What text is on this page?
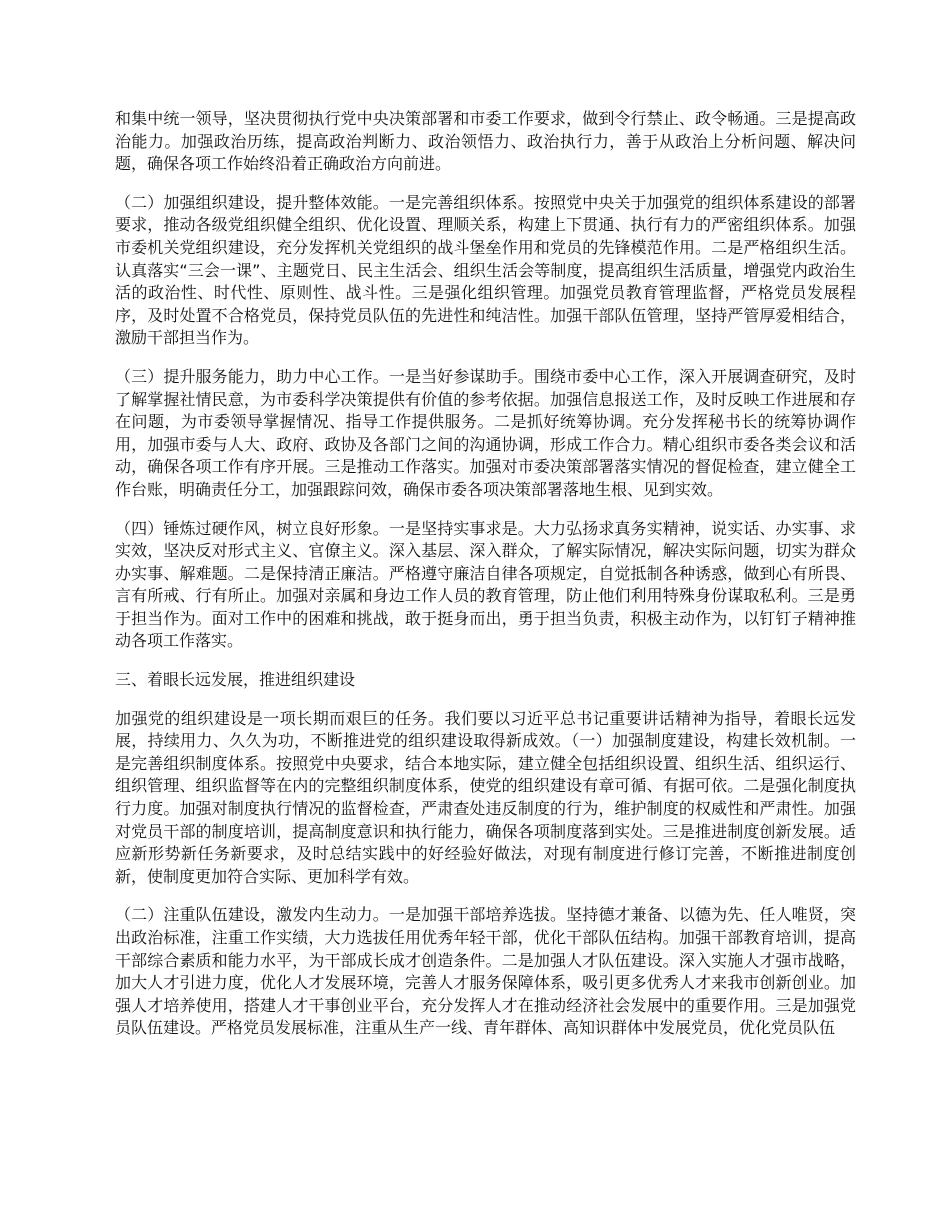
和集中统一领导，坚决贯彻执行党中央决策部署和市委工作要求，做到令行禁止、政令畅通。三是提高政治能力。加强政治历练，提高政治判断力、政治领悟力、政治执行力，善于从政治上分析问题、解决问题，确保各项工作始终沿着正确政治方向前进。

（二）加强组织建设，提升整体效能。一是完善组织体系。按照党中央关于加强党的组织体系建设的部署要求，推动各级党组织健全组织、优化设置、理顺关系，构建上下贯通、执行有力的严密组织体系。加强市委机关党组织建设，充分发挥机关党组织的战斗堡垒作用和党员的先锋模范作用。二是严格组织生活。认真落实“三会一课”、主题党日、民主生活会、组织生活会等制度，提高组织生活质量，增强党内政治生活的政治性、时代性、原则性、战斗性。三是强化组织管理。加强党员教育管理监督，严格党员发展程序，及时处置不合格党员，保持党员队伍的先进性和纯洁性。加强干部队伍管理，坚持严管厚爱相结合，激励干部担当作为。

（三）提升服务能力，助力中心工作。一是当好参谋助手。围绕市委中心工作，深入开展调查研究，及时了解掌握社情民意，为市委科学决策提供有价值的参考依据。加强信息报送工作，及时反映工作进展和存在问题，为市委领导掌握情况、指导工作提供服务。二是抓好统筹协调。充分发挥秘书长的统筹协调作用，加强市委与人大、政府、政协及各部门之间的沟通协调，形成工作合力。精心组织市委各类会议和活动，确保各项工作有序开展。三是推动工作落实。加强对市委决策部署落实情况的督促检查，建立健全工作台账，明确责任分工，加强跟踪问效，确保市委各项决策部署落地生根、见到实效。

（四）锤炼过硬作风，树立良好形象。一是坚持实事求是。大力弘扬求真务实精神，说实话、办实事、求实效，坚决反对形式主义、官僚主义。深入基层、深入群众，了解实际情况，解决实际问题，切实为群众办实事、解难题。二是保持清正廉洁。严格遵守廉洁自律各项规定，自觉抵制各种诱惑，做到心有所畏、言有所戒、行有所止。加强对亲属和身边工作人员的教育管理，防止他们利用特殊身份谋取私利。三是勇于担当作为。面对工作中的困难和挑战，敢于挺身而出，勇于担当负责，积极主动作为，以钉钉子精神推动各项工作落实。

三、着眼长远发展，推进组织建设

加强党的组织建设是一项长期而艰巨的任务。我们要以习近平总书记重要讲话精神为指导，着眼长远发展，持续用力、久久为功，不断推进党的组织建设取得新成效。（一）加强制度建设，构建长效机制。一是完善组织制度体系。按照党中央要求，结合本地实际，建立健全包括组织设置、组织生活、组织运行、组织管理、组织监督等在内的完整组织制度体系，使党的组织建设有章可循、有据可依。二是强化制度执行力度。加强对制度执行情况的监督检查，严肃查处违反制度的行为，维护制度的权威性和严肃性。加强对党员干部的制度培训，提高制度意识和执行能力，确保各项制度落到实处。三是推进制度创新发展。适应新形势新任务新要求，及时总结实践中的好经验好做法，对现有制度进行修订完善，不断推进制度创新，使制度更加符合实际、更加科学有效。

（二）注重队伍建设，激发内生动力。一是加强干部培养选拔。坚持德才兼备、以德为先、任人唯贤，突出政治标准，注重工作实绩，大力选拔任用优秀年轻干部，优化干部队伍结构。加强干部教育培训，提高干部综合素质和能力水平，为干部成长成才创造条件。二是加强人才队伍建设。深入实施人才强市战略，加大人才引进力度，优化人才发展环境，完善人才服务保障体系，吸引更多优秀人才来我市创新创业。加强人才培养使用，搭建人才干事创业平台，充分发挥人才在推动经济社会发展中的重要作用。三是加强党员队伍建设。严格党员发展标准，注重从生产一线、青年群体、高知识群体中发展党员，优化党员队伍
